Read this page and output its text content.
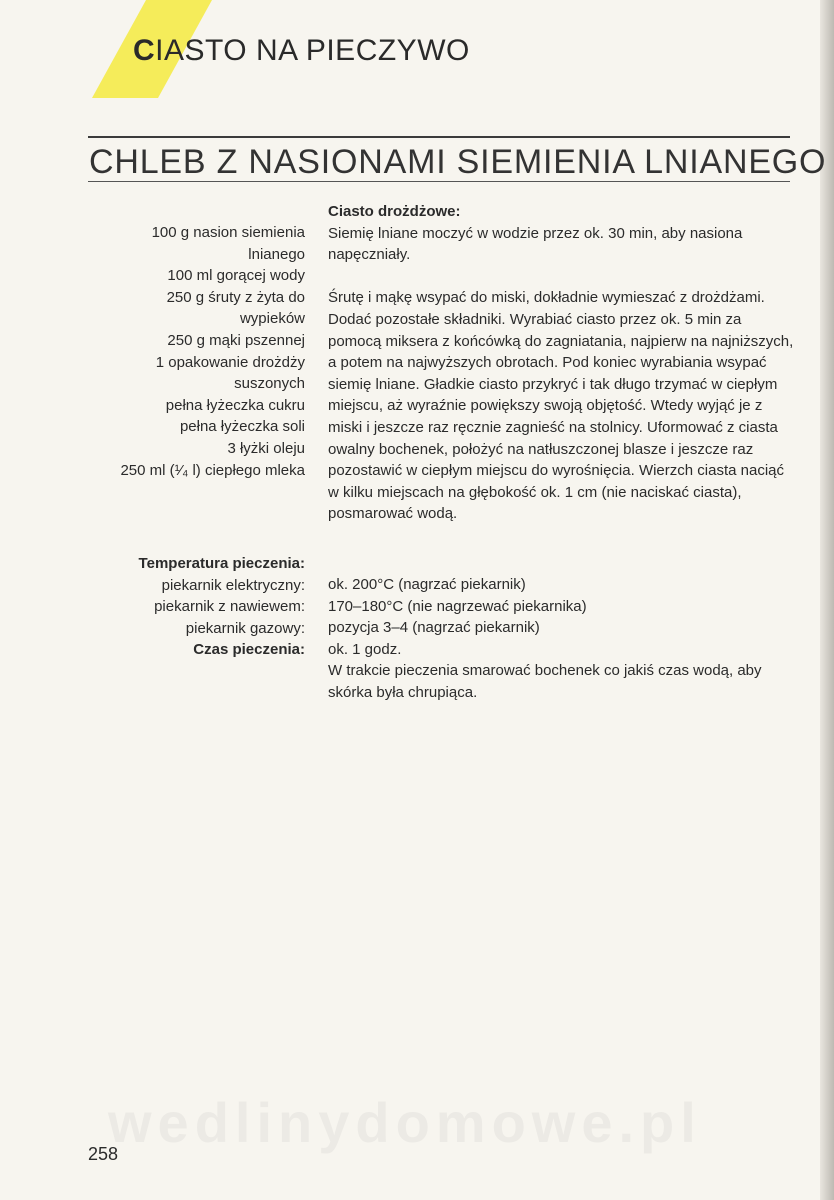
CIASTO NA PIECZYWO
CHLEB Z NASIONAMI SIEMIENIA LNIANEGO
100 g nasion siemienia
lnianego
100 ml gorącej wody
250 g śruty z żyta do
wypieków
250 g mąki pszennej
1 opakowanie drożdży
suszonych
pełna łyżeczka cukru
pełna łyżeczka soli
3 łyżki oleju
250 ml (¹⁄₄ l) ciepłego mleka

Ciasto drożdżowe:

Siemię lniane moczyć w wodzie przez ok. 30 min, aby nasiona napęczniały.

Śrutę i mąkę wsypać do miski, dokładnie wymieszać z drożdżami. Dodać pozostałe składniki. Wyrabiać ciasto przez ok. 5 min za pomocą miksera z końcówką do zagniatania, najpierw na najniższych, a potem na najwyższych obrotach. Pod koniec wyrabiania wsypać siemię lniane. Gładkie ciasto przykryć i tak długo trzymać w ciepłym miejscu, aż wyraźnie powiększy swoją objętość. Wtedy wyjąć je z miski i jeszcze raz ręcznie zagnieść na stolnicy. Uformować z ciasta owalny bochenek, położyć na natłuszczonej blasze i jeszcze raz pozostawić w ciepłym miejscu do wyrośnięcia. Wierzch ciasta naciąć w kilku miejscach na głębokość ok. 1 cm (nie naciskać ciasta), posmarować wodą.

Temperatura pieczenia:
piekarnik elektryczny:
piekarnik z nawiewem:
piekarnik gazowy:
Czas pieczenia:
ok. 200°C (nagrzać piekarnik)
170–180°C (nie nagrzewać piekarnika)
pozycja 3–4 (nagrzać piekarnik)
ok. 1 godz.
W trakcie pieczenia smarować bochenek co jakiś czas wodą, aby skórka była chrupiąca.

wedlinydomowe.pl

258
